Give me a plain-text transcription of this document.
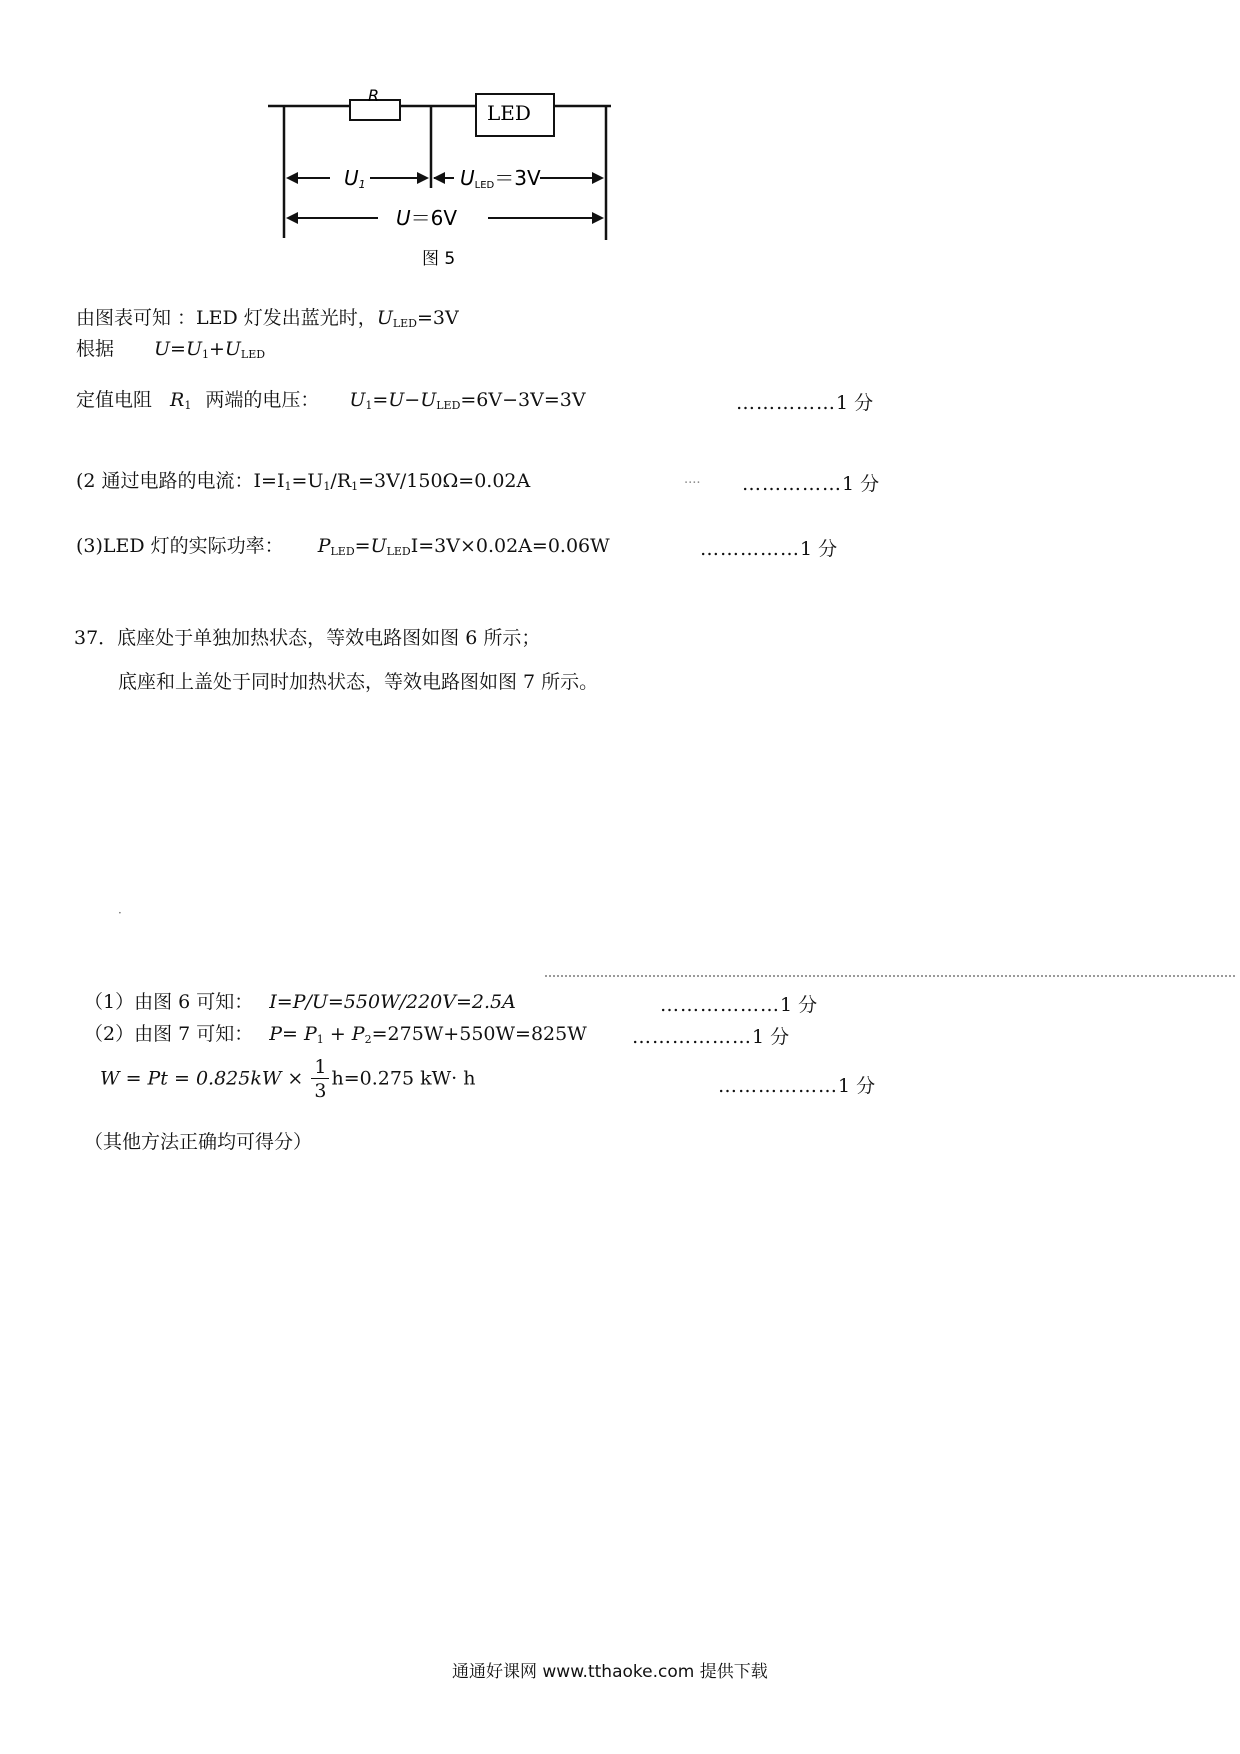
R
LED
U1	ULED＝3V
U＝6V
图 5
由图表可知 ：LED 灯发出蓝光时，$U_{LED}=3V$
根据 $U=U_1+U_{LED}$
定值电阻 $R_1$ 两端的电压： $U_1=U-U_{LED}=6V-3V=3V$	……………1 分
(2 通过电路的电流：$I=I_1=U_1/R_1=3V/150\Omega=0.02A$	.... ……………1 分
(3)LED 灯的实际功率： $P_{LED}=U_{LED}I=3V\times 0.02A=0.06W$	……………1 分
37．底座处于单独加热状态，等效电路图如图 6 所示；
底座和上盖处于同时加热状态，等效电路图如图 7 所示。
·
（1）由图 6 可知： I=P/U=550W/220V=2.5A	………………1 分
（2）由图 7 可知： $P= P_1 + P_2=275W+550W=825W$ ………………1 分
$W = Pt = 0.825kW \times \frac{1}{3} h=0.275$ kW· h	………………1 分
（其他方法正确均可得分）
通通好课网 www.tthaoke.com 提供下载
